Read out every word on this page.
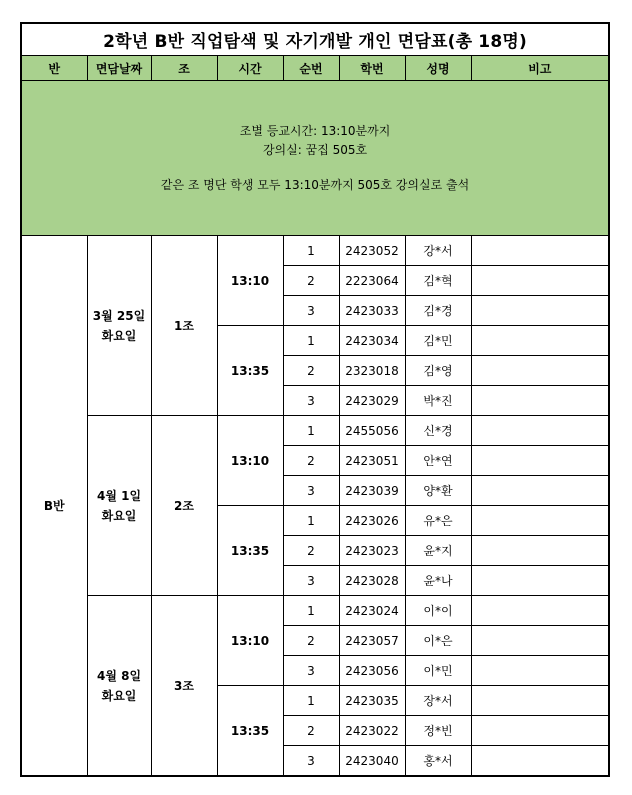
2학년 B반 직업탐색 및 자기개발 개인 면담표(총 18명)							
반	면담날짜	조	시간	순번	학번	성명	비고

조별 등교시간: 13:10분까지
강의실: 꿈집 505호
같은 조 명단 학생 모두 13:10분까지 505호 강의실로 출석							

B반	3월 25일
화요일	1조	13:10	1	2423052	강*서	
				2	2223064	김*혁	
				3	2423033	김*경	
			13:35	1	2423034	김*민	
				2	2323018	김*영	
				3	2423029	박*진	

	4월 1일
화요일	2조	13:10	1	2455056	신*경	
				2	2423051	안*연	
				3	2423039	양*환	
			13:35	1	2423026	유*은	
				2	2423023	윤*지	
				3	2423028	윤*나	

	4월 8일
화요일	3조	13:10	1	2423024	이*이	
				2	2423057	이*은	
				3	2423056	이*민	
			13:35	1	2423035	장*서	
				2	2423022	정*빈	
				3	2423040	홍*서	
